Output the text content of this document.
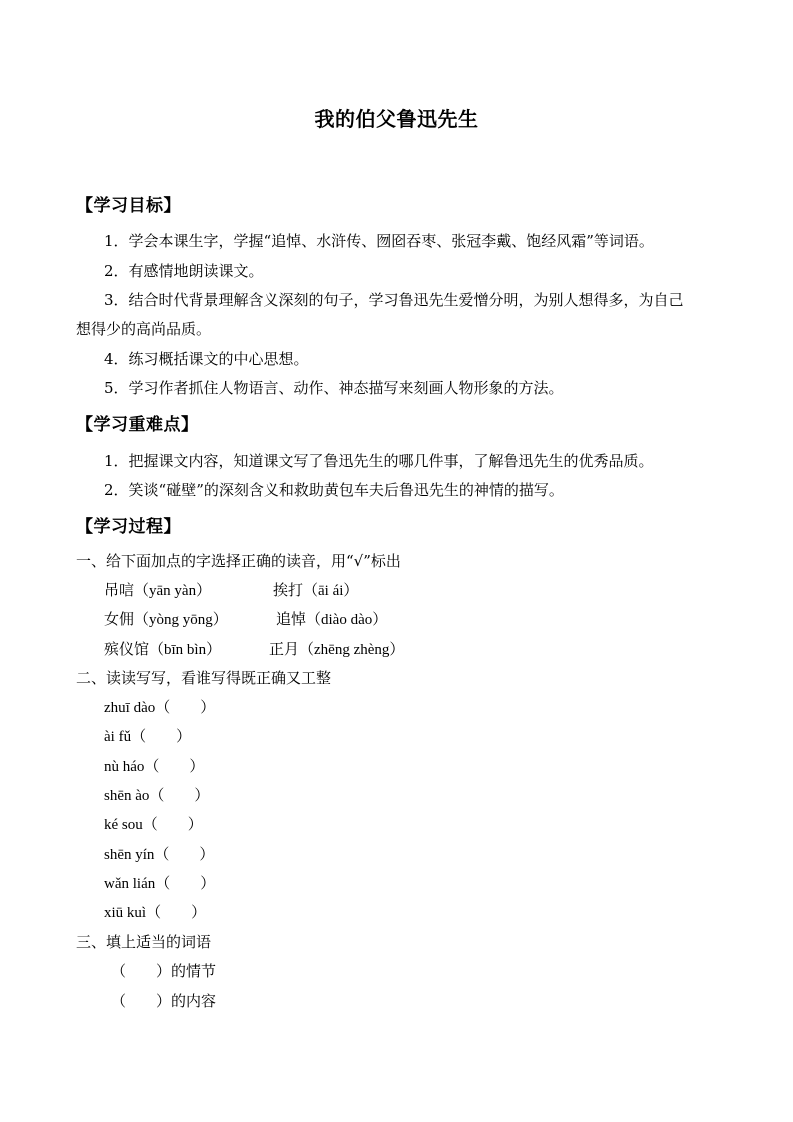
我的伯父鲁迅先生
【学习目标】
1．学会本课生字，学握“追悼、水浒传、囫囵吞枣、张冠李戴、饱经风霜”等词语。
2．有感情地朗读课文。
3．结合时代背景理解含义深刻的句子，学习鲁迅先生爱憎分明，为别人想得多，为自己
想得少的高尚品质。
4．练习概括课文的中心思想。
5．学习作者抓住人物语言、动作、神态描写来刻画人物形象的方法。
【学习重难点】
1．把握课文内容，知道课文写了鲁迅先生的哪几件事，了解鲁迅先生的优秀品质。
2．笑谈“碰壁”的深刻含义和救助黄包车夫后鲁迅先生的神情的描写。
【学习过程】
一、给下面加点的字选择正确的读音，用“√”标出
吊唁（yān yàn）	挨打（āi ái）
女佣（yòng yōng）	追悼（diào dào）
殡仪馆（bīn bìn）	正月（zhēng zhèng）
二、读读写写，看谁写得既正确又工整
zhuī dào（　　）
ài fǔ（　　）
nù háo（　　）
shēn ào（　　）
ké sou（　　）
shēn yín（　　）
wǎn lián（　　）
xiū kuì（　　）
三、填上适当的词语
（　　）的情节
（　　）的内容
